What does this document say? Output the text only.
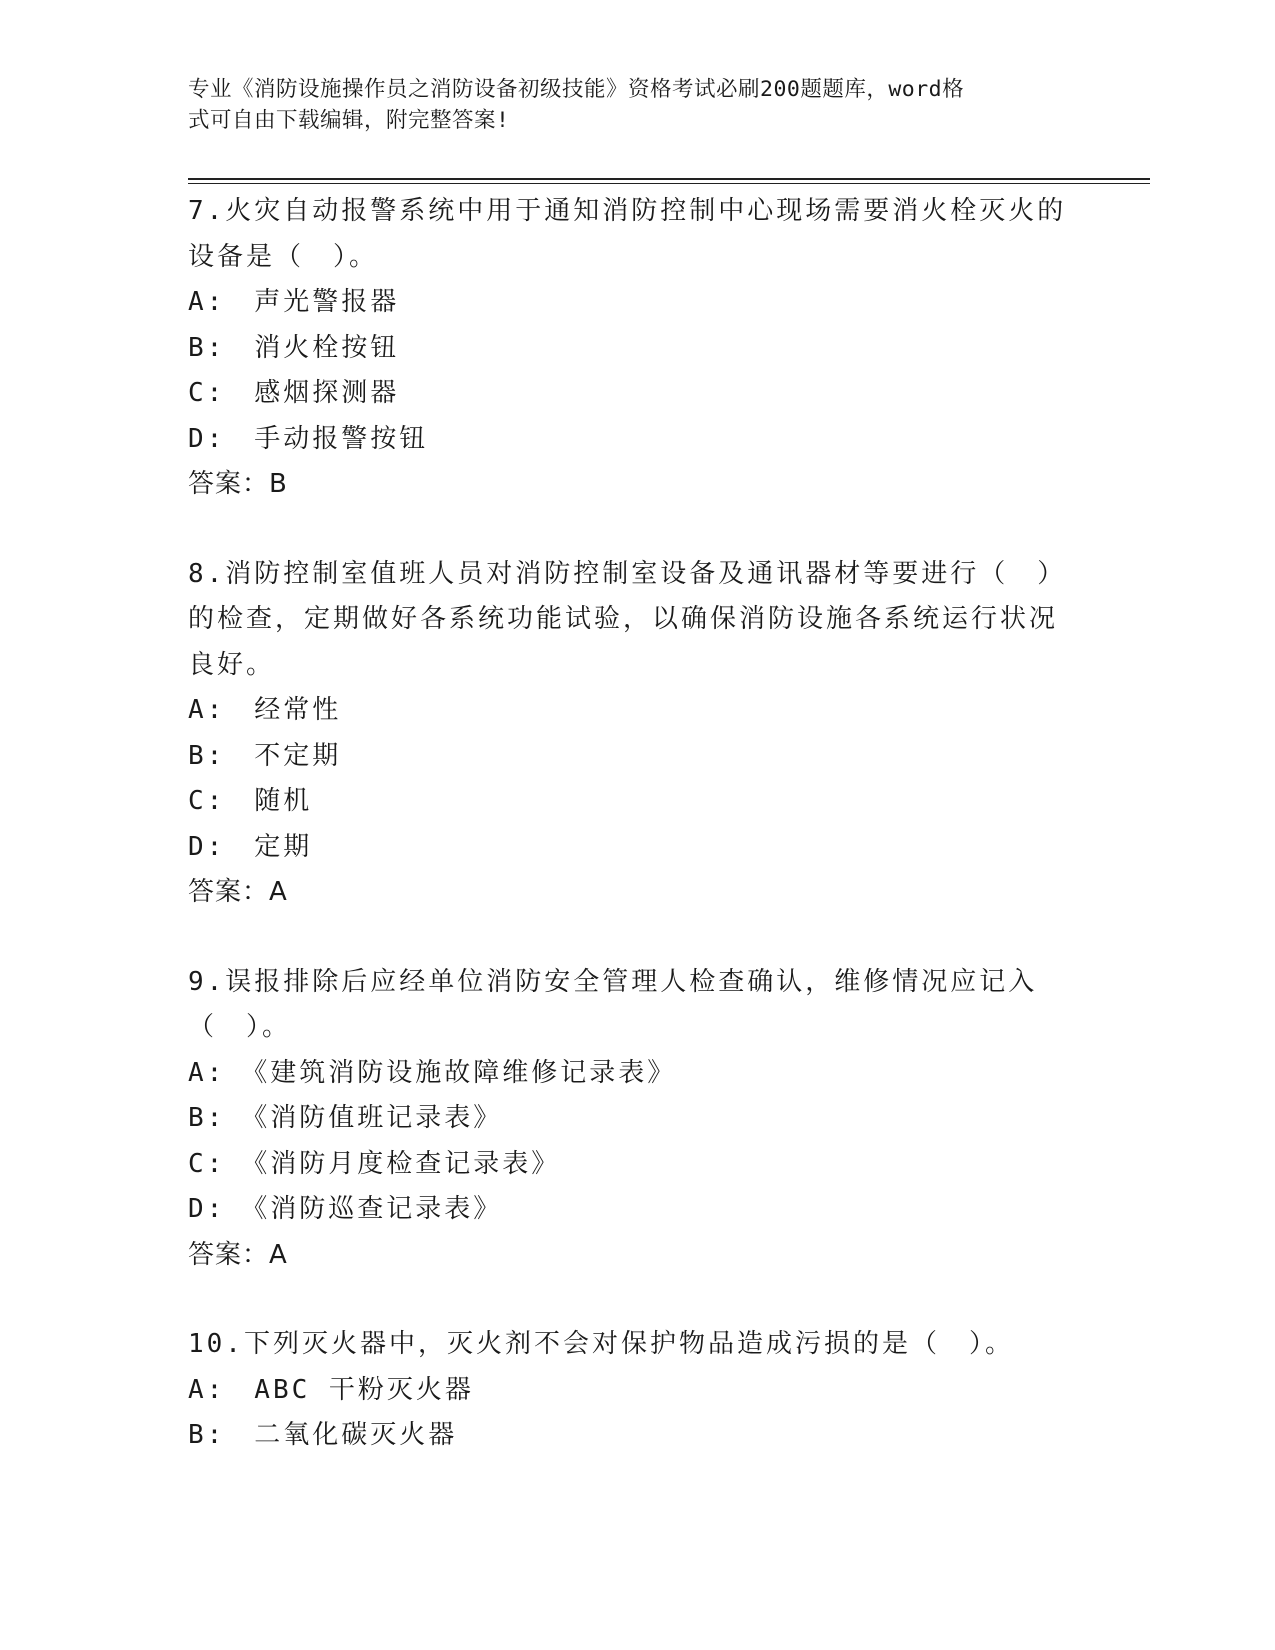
专业《消防设施操作员之消防设备初级技能》资格考试必刷200题题库，word格
式可自由下载编辑，附完整答案!

7.火灾自动报警系统中用于通知消防控制中心现场需要消火栓灭火的设备是（　）。

A:　声光警报器
B:　消火栓按钮
C:　感烟探测器
D:　手动报警按钮
答案：B

8.消防控制室值班人员对消防控制室设备及通讯器材等要进行（　）的检查，定期做好各系统功能试验，以确保消防设施各系统运行状况良好。

A:　经常性
B:　不定期
C:　随机
D:　定期
答案：A

9.误报排除后应经单位消防安全管理人检查确认，维修情况应记入（　）。

A:　《建筑消防设施故障维修记录表》
B:　《消防值班记录表》
C:　《消防月度检查记录表》
D:　《消防巡查记录表》
答案：A

10.下列灭火器中，灭火剂不会对保护物品造成污损的是（　）。

A:　ABC 干粉灭火器
B:　二氧化碳灭火器
